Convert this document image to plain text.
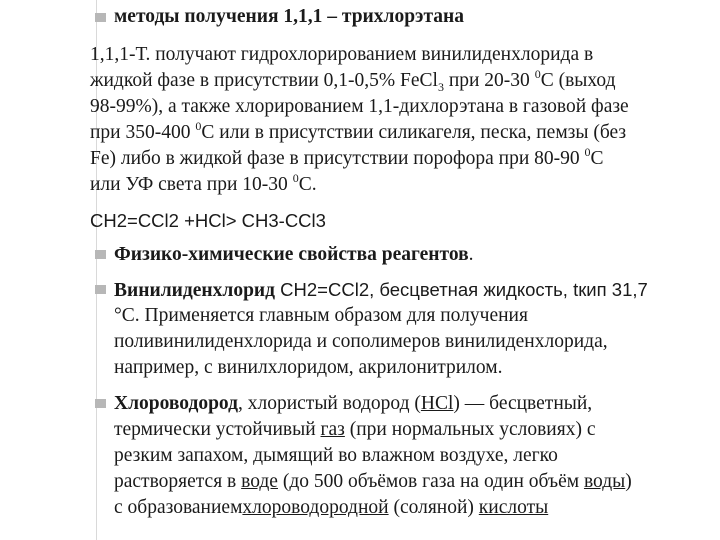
методы получения 1,1,1 – трихлорэтана
1,1,1-Т. получают гидрохлорированием винилиденхлорида в
жидкой фазе в присутствии 0,1-0,5% FeCl$_3$ при 20-30 $^0$С (выход
98-99%), а также хлорированием 1,1-дихлорэтана в газовой фазе
при 350-400 $^0$С или в присутствии силикагеля, песка, пемзы (без
Fe) либо в жидкой фазе в присутствии порофора при 80-90 $^0$С
или УФ света при 10-30 $^0$С.
CH2=CCl2 +HCl> CH3-CCl3
Физико-химические свойства реагентов.
Винилиденхлорид CH2=CCl2, бесцветная жидкость, tкип 31,7
°С. Применяется главным образом для получения
поливинилиденхлорида и сополимеров винилиденхлорида,
например, с винилхлоридом, акрилонитрилом.
Хлороводород, хлористый водород (HCl) — бесцветный,
термически устойчивый газ (при нормальных условиях) с
резким запахом, дымящий во влажном воздухе, легко
растворяется в воде (до 500 объёмов газа на один объём воды)
с образованиемхлороводородной (соляной) кислоты
